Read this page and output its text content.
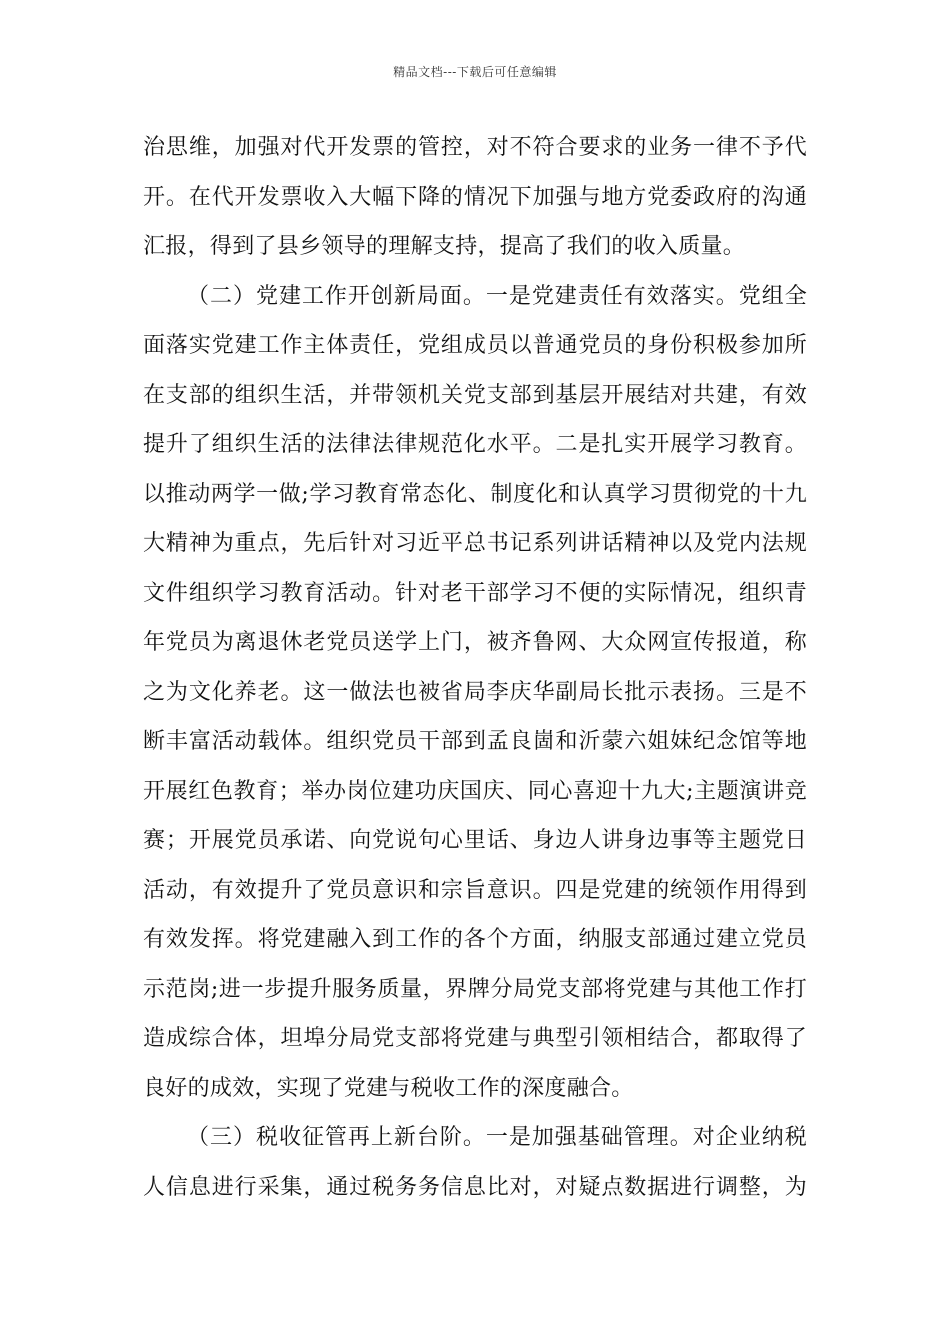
精品文档---下载后可任意编辑
治思维，加强对代开发票的管控，对不符合要求的业务一律不予代
开。在代开发票收入大幅下降的情况下加强与地方党委政府的沟通
汇报，得到了县乡领导的理解支持，提高了我们的收入质量。
（二）党建工作开创新局面。一是党建责任有效落实。党组全
面落实党建工作主体责任，党组成员以普通党员的身份积极参加所
在支部的组织生活，并带领机关党支部到基层开展结对共建，有效
提升了组织生活的法律法律规范化水平。二是扎实开展学习教育。
以推动两学一做;学习教育常态化、制度化和认真学习贯彻党的十九
大精神为重点，先后针对习近平总书记系列讲话精神以及党内法规
文件组织学习教育活动。针对老干部学习不便的实际情况，组织青
年党员为离退休老党员送学上门，被齐鲁网、大众网宣传报道，称
之为文化养老。这一做法也被省局李庆华副局长批示表扬。三是不
断丰富活动载体。组织党员干部到孟良崮和沂蒙六姐妹纪念馆等地
开展红色教育；举办岗位建功庆国庆、同心喜迎十九大;主题演讲竞
赛；开展党员承诺、向党说句心里话、身边人讲身边事等主题党日
活动，有效提升了党员意识和宗旨意识。四是党建的统领作用得到
有效发挥。将党建融入到工作的各个方面，纳服支部通过建立党员
示范岗;进一步提升服务质量，界牌分局党支部将党建与其他工作打
造成综合体，坦埠分局党支部将党建与典型引领相结合，都取得了
良好的成效，实现了党建与税收工作的深度融合。
（三）税收征管再上新台阶。一是加强基础管理。对企业纳税
人信息进行采集，通过税务务信息比对，对疑点数据进行调整，为
